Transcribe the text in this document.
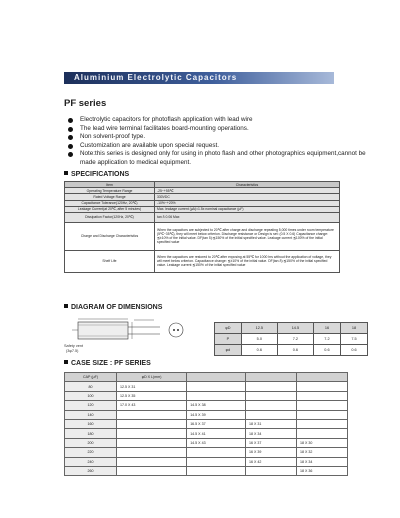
Aluminium Electrolytic Capacitors
PF series
Electrolytic capacitors for photoflash application with lead wire
The lead wire terminal facilitates board-mounting operations.
Non solvent-proof type.
Customization are available upon special request.
Note:this series is designed only for using in photo flash and other photographics equipment,cannot be made application to medical equipment.
SPECIFICATIONS
Item	Characteristics
Operating Temperature Range	-25~+55℃
Rated Voltage Range	330VDC
Capacitance Tolerance(120Hz, 20℃)	-10%~+20%
Leakage Current(at 20℃, after 5 minutes)	Max. leakage current (μA)=1.5x nominal capacitance (μF)
Dissipation Factor(120Hz, 20℃)	tan δ 0.06 Max
Charge and Discharge Characteristics	When the capacitors are subjected to 20℃ after charge and discharge repeating 5,000 times under room temperature (5℃~35℃), they will meet below criterion. Discharge resistance or Design is set: (0.5 X 0.6) Capacitance change: ≦±10% of the initial value. DF(tan δ):≦150% of the initial specified value. Leakage current ≦100% of the initial specified value
Shelf Life	When the capacitors are restored to 20℃ after exposing at 55℃ for 1000 hrs without the application of voltage, they will meet below criterion. Capacitance change: ≦±10% of the initial value. DF(tan δ):≦150% of the initial specified value. Leakage current ≦150% of the initial specified value
DIAGRAM OF DIMENSIONS
Safety vent
(3φ7.5)
φD	12.5	14.5	16	18
P	5.0	7.2	7.2	7.5
φd	0.6	0.6	0.6	0.6
CASE SIZE : PF SERIES
CAP (μF)	φD X L(mm)			
80	12.5 X 31			
100	12.5 X 35			
120	17.0 X 43	14.5 X 38		
140		14.5 X 39		
160		16.5 X 37	18 X 31	
180		14.5 X 41	18 X 34	
200		14.5 X 43	16 X 37	18 X 30
220			16 X 39	18 X 32
240			16 X 42	18 X 34
260				18 X 36
